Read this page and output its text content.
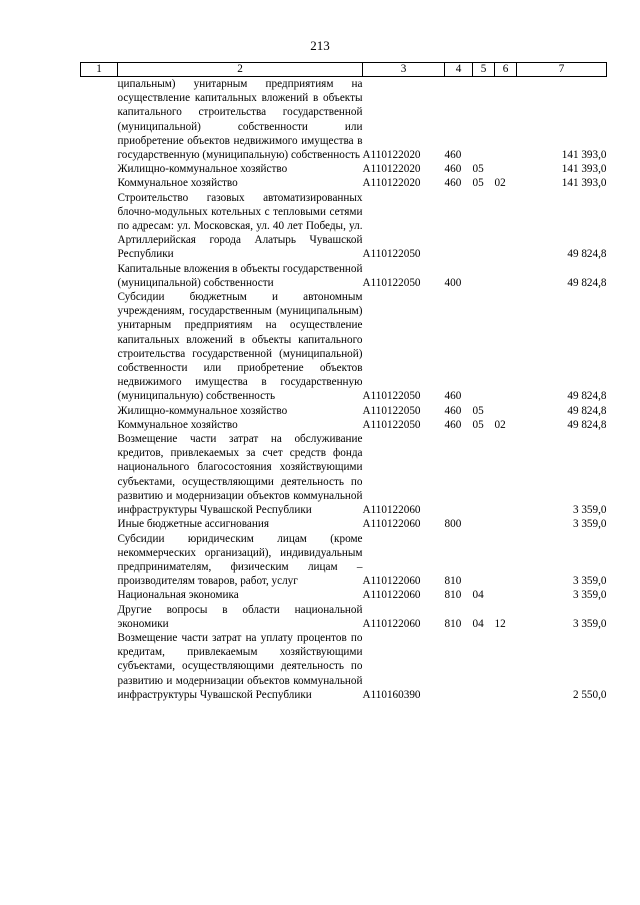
213
1	2	3	4	5	6	7
	ципальным) унитарным предприятиям на осуществление капитальных вложений в объекты капитального строительства государственной (муниципальной) собственности или приобретение объектов недвижимого имущества в государственную (муниципальную) собственность	А110122020	460			141 393,0
	Жилищно-коммунальное хозяйство	А110122020	460	05		141 393,0
	Коммунальное хозяйство	А110122020	460	05	02	141 393,0
	Строительство газовых автоматизированных блочно-модульных котельных с тепловыми сетями по адресам: ул. Московская, ул. 40 лет Победы, ул. Артиллерийская города Алатырь Чувашской Республики	А110122050				49 824,8
	Капитальные вложения в объекты государственной (муниципальной) собственности	А110122050	400			49 824,8
	Субсидии бюджетным и автономным учреждениям, государственным (муниципальным) унитарным предприятиям на осуществление капитальных вложений в объекты капитального строительства государственной (муниципальной) собственности или приобретение объектов недвижимого имущества в государственную (муниципальную) собственность	А110122050	460			49 824,8
	Жилищно-коммунальное хозяйство	А110122050	460	05		49 824,8
	Коммунальное хозяйство	А110122050	460	05	02	49 824,8
	Возмещение части затрат на обслуживание кредитов, привлекаемых за счет средств фонда национального благосостояния хозяйствующими субъектами, осуществляющими деятельность по развитию и модернизации объектов коммунальной инфраструктуры Чувашской Республики	А110122060				3 359,0
	Иные бюджетные ассигнования	А110122060	800			3 359,0
	Субсидии юридическим лицам (кроме некоммерческих организаций), индивидуальным предпринимателям, физическим лицам – производителям товаров, работ, услуг	А110122060	810			3 359,0
	Национальная экономика	А110122060	810	04		3 359,0
	Другие вопросы в области национальной экономики	А110122060	810	04	12	3 359,0
	Возмещение части затрат на уплату процентов по кредитам, привлекаемым хозяйствующими субъектами, осуществляющими деятельность по развитию и модернизации объектов коммунальной инфраструктуры Чувашской Республики	А110160390				2 550,0
